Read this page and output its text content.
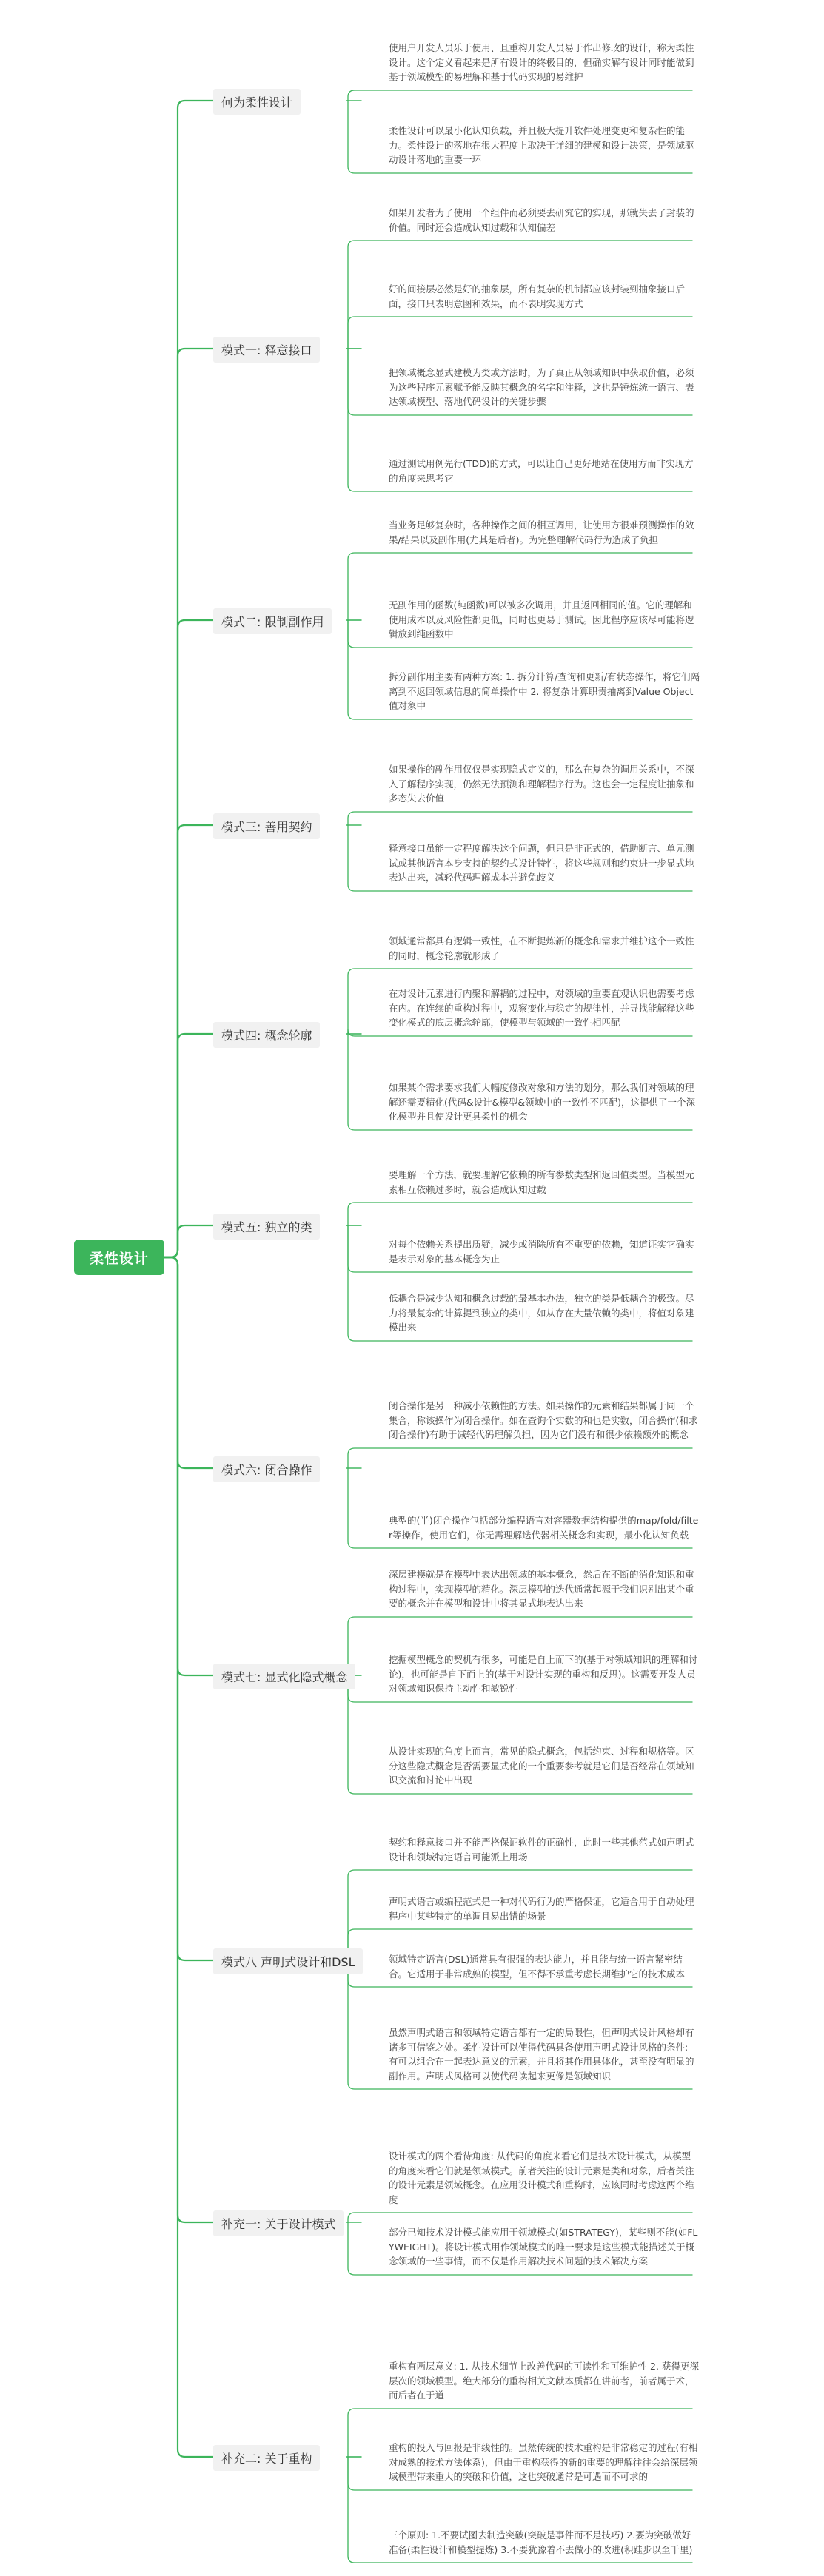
柔性设计
何为柔性设计
使用户开发人员乐于使用、且重构开发人员易于作出修改的设计，称为柔性设计。这个定义看起来是所有设计的终极目的，但确实解有设计同时能做到基于领域模型的易理解和基于代码实现的易维护
柔性设计可以最小化认知负载，并且极大提升软件处理变更和复杂性的能力。柔性设计的落地在很大程度上取决于详细的建模和设计决策，是领域驱动设计落地的重要一环
模式一: 释意接口
如果开发者为了使用一个组件而必须要去研究它的实现，那就失去了封装的价值。同时还会造成认知过载和认知偏差
好的间接层必然是好的抽象层，所有复杂的机制都应该封装到抽象接口后面，接口只表明意图和效果，而不表明实现方式
把领域概念显式建模为类或方法时，为了真正从领域知识中获取价值，必须为这些程序元素赋予能反映其概念的名字和注释，这也是锤炼统一语言、表达领域模型、落地代码设计的关键步骤
通过测试用例先行(TDD)的方式，可以让自己更好地站在使用方而非实现方的角度来思考它
模式二: 限制副作用
当业务足够复杂时，各种操作之间的相互调用，让使用方很难预测操作的效果/结果以及副作用(尤其是后者)。为完整理解代码行为造成了负担
无副作用的函数(纯函数)可以被多次调用，并且返回相同的值。它的理解和使用成本以及风险性都更低，同时也更易于测试。因此程序应该尽可能将逻辑放到纯函数中
拆分副作用主要有两种方案: 1. 拆分计算/查询和更新/有状态操作，将它们隔离到不返回领域信息的简单操作中 2. 将复杂计算职责抽离到Value Object值对象中
模式三: 善用契约
如果操作的副作用仅仅是实现隐式定义的，那么在复杂的调用关系中，不深入了解程序实现，仍然无法预测和理解程序行为。这也会一定程度让抽象和多态失去价值
释意接口虽能一定程度解决这个问题，但只是非正式的，借助断言、单元测试或其他语言本身支持的契约式设计特性，将这些规则和约束进一步显式地表达出来，减轻代码理解成本并避免歧义
模式四: 概念轮廓
领域通常都具有逻辑一致性，在不断提炼新的概念和需求并维护这个一致性的同时，概念轮廓就形成了
在对设计元素进行内聚和解耦的过程中，对领域的重要直观认识也需要考虑在内。在连续的重构过程中，观察变化与稳定的规律性，并寻找能解释这些变化模式的底层概念轮廓，使模型与领域的一致性相匹配
如果某个需求要求我们大幅度修改对象和方法的划分，那么我们对领域的理解还需要精化(代码&设计&模型&领域中的一致性不匹配)，这提供了一个深化模型并且使设计更具柔性的机会
模式五: 独立的类
要理解一个方法，就要理解它依赖的所有参数类型和返回值类型。当模型元素相互依赖过多时，就会造成认知过载
对每个依赖关系提出质疑，减少或消除所有不重要的依赖，知道证实它确实是表示对象的基本概念为止
低耦合是减少认知和概念过载的最基本办法，独立的类是低耦合的极致。尽力将最复杂的计算提到独立的类中，如从存在大量依赖的类中，将值对象建模出来
模式六: 闭合操作
闭合操作是另一种减小依赖性的方法。如果操作的元素和结果都属于同一个集合，称该操作为闭合操作。如在查询个实数的和也是实数，闭合操作(和求闭合操作)有助于减轻代码理解负担，因为它们没有和很少依赖额外的概念
典型的(半)闭合操作包括部分编程语言对容器数据结构提供的map/fold/filter等操作，使用它们，你无需理解迭代器相关概念和实现，最小化认知负载
模式七: 显式化隐式概念
深层建模就是在模型中表达出领域的基本概念，然后在不断的消化知识和重构过程中，实现模型的精化。深层模型的迭代通常起源于我们识别出某个重要的概念并在模型和设计中将其显式地表达出来
挖掘模型概念的契机有很多，可能是自上而下的(基于对领域知识的理解和讨论)，也可能是自下而上的(基于对设计实现的重构和反思)。这需要开发人员对领域知识保持主动性和敏锐性
从设计实现的角度上而言，常见的隐式概念，包括约束、过程和规格等。区分这些隐式概念是否需要显式化的一个重要参考就是它们是否经常在领域知识交流和讨论中出现
模式八 声明式设计和DSL
契约和释意接口并不能严格保证软件的正确性，此时一些其他范式如声明式设计和领域特定语言可能派上用场
声明式语言或编程范式是一种对代码行为的严格保证，它适合用于自动处理程序中某些特定的单调且易出错的场景
领域特定语言(DSL)通常具有很强的表达能力，并且能与统一语言紧密结合。它适用于非常成熟的模型，但不得不承重考虑长期维护它的技术成本
虽然声明式语言和领域特定语言都有一定的局限性，但声明式设计风格却有诸多可借鉴之处。柔性设计可以使得代码具备使用声明式设计风格的条件: 有可以组合在一起表达意义的元素，并且将其作用具体化，甚至没有明显的副作用。声明式风格可以使代码读起来更像是领域知识
补充一: 关于设计模式
设计模式的两个看待角度: 从代码的角度来看它们是技术设计模式，从模型的角度来看它们就是领域模式。前者关注的设计元素是类和对象，后者关注的设计元素是领域概念。在应用设计模式和重构时，应该同时考虑这两个维度
部分已知技术设计模式能应用于领域模式(如STRATEGY)，某些则不能(如FLYWEIGHT)。将设计模式用作领域模式的唯一要求是这些模式能描述关于概念领域的一些事情，而不仅是作用解决技术问题的技术解决方案
补充二: 关于重构
重构有两层意义: 1. 从技术细节上改善代码的可读性和可维护性 2. 获得更深层次的领域模型。绝大部分的重构相关文献本质都在讲前者，前者属于术，而后者在于道
重构的投入与回报是非线性的。虽然传统的技术重构是非常稳定的过程(有相对成熟的技术方法体系)，但由于重构获得的新的重要的理解往往会给深层领域模型带来重大的突破和价值，这也突破通常是可遇而不可求的
三个原则: 1.不要试图去制造突破(突破是事件而不是技巧) 2.要为突破做好准备(柔性设计和模型提炼) 3.不要犹豫着不去做小的改进(积跬步以至千里)
